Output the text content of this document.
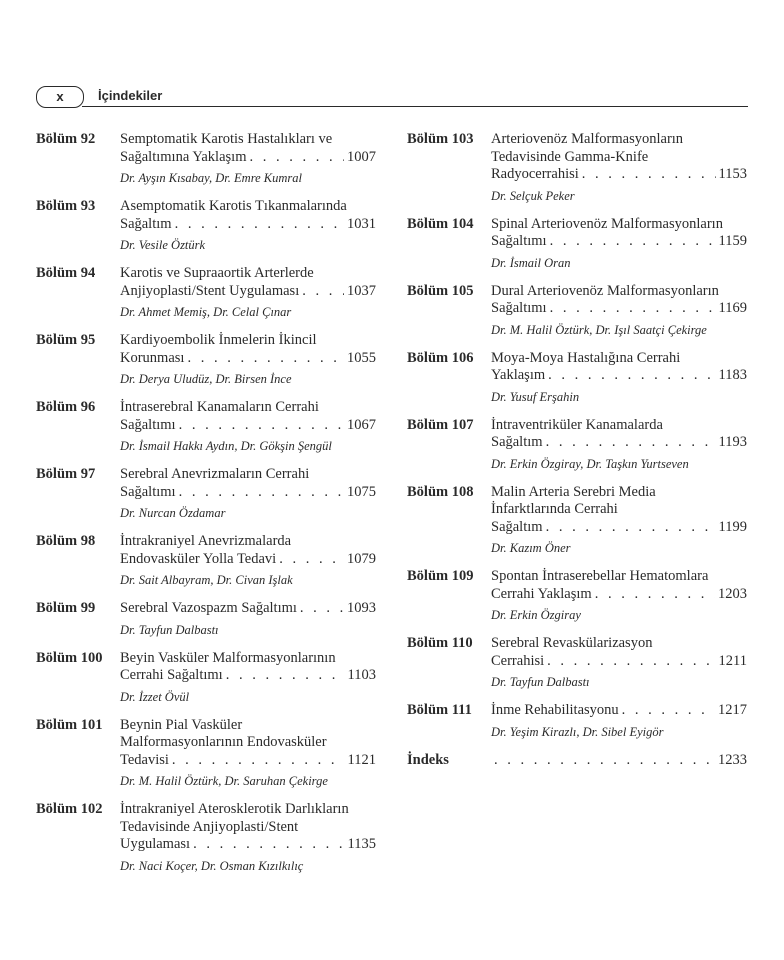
x	İçindekiler
Bölüm 92 Semptomatik Karotis Hastalıkları ve
Sağaltımına Yaklaşım . . .	1007
Dr. Ayşın Kısabay, Dr. Emre Kumral
Bölüm 93 Asemptomatik Karotis Tıkanmalarında
Sağaltım . . .	1031
Dr. Vesile Öztürk
Bölüm 94 Karotis ve Supraaortik Arterlerde
Anjiyoplasti/Stent Uygulaması . . .	1037
Dr. Ahmet Memiş, Dr. Celal Çınar
Bölüm 95 Kardiyoembolik İnmelerin İkincil
Korunması . . .	1055
Dr. Derya Uludüz, Dr. Birsen İnce
Bölüm 96 İntraserebral Kanamaların Cerrahi
Sağaltımı . . .	1067
Dr. İsmail Hakkı Aydın, Dr. Gökşin Şengül
Bölüm 97 Serebral Anevrizmaların Cerrahi
Sağaltımı . . .	1075
Dr. Nurcan Özdamar
Bölüm 98 İntrakraniyel Anevrizmalarda
Endovasküler Yolla Tedavi . . .	1079
Dr. Sait Albayram, Dr. Civan Işlak
Bölüm 99 Serebral Vazospazm Sağaltımı . . .	1093
Dr. Tayfun Dalbastı
Bölüm 100 Beyin Vasküler Malformasyonlarının
Cerrahi Sağaltımı . . .	1103
Dr. İzzet Övül
Bölüm 101 Beynin Pial Vasküler
Malformasyonlarının Endovasküler
Tedavisi . . .	1121
Dr. M. Halil Öztürk, Dr. Saruhan Çekirge
Bölüm 102 İntrakraniyel Aterosklerotik Darlıkların
Tedavisinde Anjiyoplasti/Stent
Uygulaması . . .	1135
Dr. Naci Koçer, Dr. Osman Kızılkılıç
Bölüm 103 Arteriovenöz Malformasyonların
Tedavisinde Gamma-Knife
Radyocerrahisi . . .	1153
Dr. Selçuk Peker
Bölüm 104 Spinal Arteriovenöz Malformasyonların
Sağaltımı . . .	1159
Dr. İsmail Oran
Bölüm 105 Dural Arteriovenöz Malformasyonların
Sağaltımı . . .	1169
Dr. M. Halil Öztürk, Dr. Işıl Saatçi Çekirge
Bölüm 106 Moya-Moya Hastalığına Cerrahi
Yaklaşım . . .	1183
Dr. Yusuf Erşahin
Bölüm 107 İntraventriküler Kanamalarda
Sağaltım . . .	1193
Dr. Erkin Özgiray, Dr. Taşkın Yurtseven
Bölüm 108 Malin Arteria Serebri Media
İnfarktlarında Cerrahi
Sağaltım . . .	1199
Dr. Kazım Öner
Bölüm 109 Spontan İntraserebellar Hematomlara
Cerrahi Yaklaşım . . .	1203
Dr. Erkin Özgiray
Bölüm 110 Serebral Revaskülarizasyon
Cerrahisi . . .	1211
Dr. Tayfun Dalbastı
Bölüm 111 İnme Rehabilitasyonu . . .	1217
Dr. Yeşim Kirazlı, Dr. Sibel Eyigör
İndeks . . .	1233
